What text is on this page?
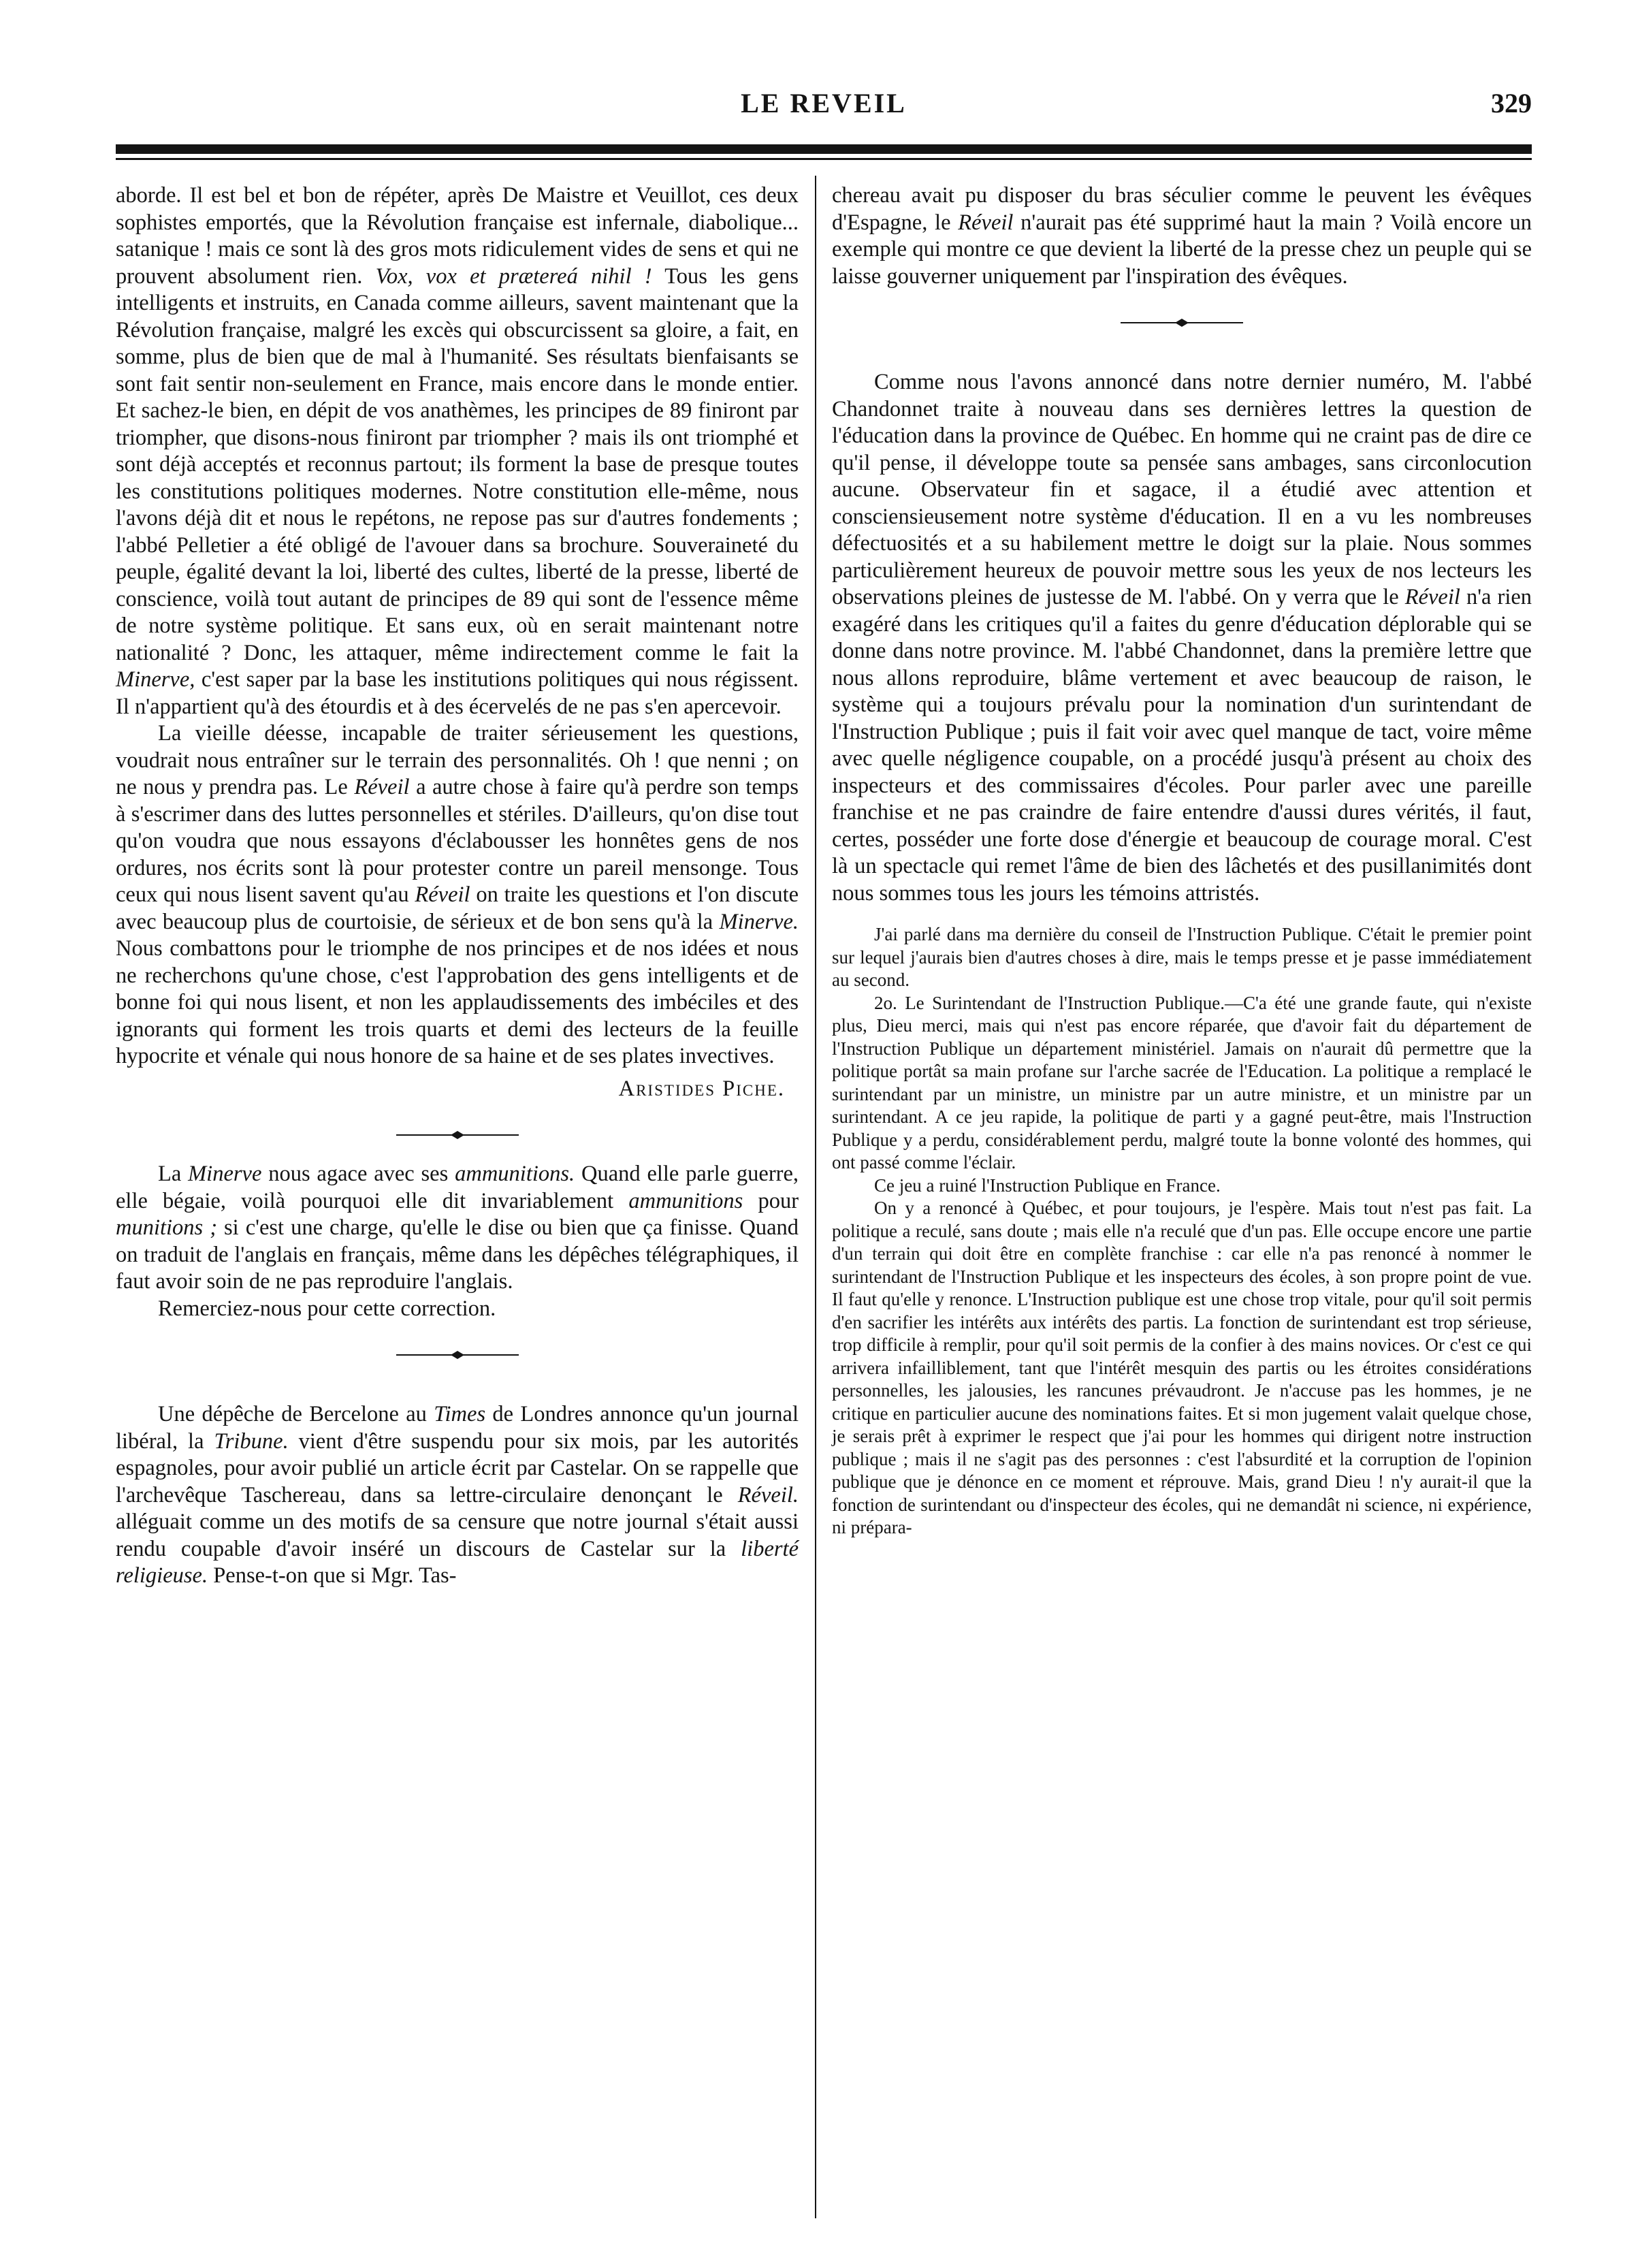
LE REVEIL	329

aborde. Il est bel et bon de répéter, après De Maistre et Veuillot, ces deux sophistes emportés, que la Révolution française est infernale, diabolique... satanique ! mais ce sont là des gros mots ridiculement vides de sens et qui ne prouvent absolument rien. Vox, vox et prætereá nihil ! Tous les gens intelligents et instruits, en Canada comme ailleurs, savent maintenant que la Révolution française, malgré les excès qui obscurcissent sa gloire, a fait, en somme, plus de bien que de mal à l'humanité. Ses résultats bienfaisants se sont fait sentir non-seulement en France, mais encore dans le monde entier. Et sachez-le bien, en dépit de vos anathèmes, les principes de 89 finiront par triompher, que disons-nous finiront par triompher ? mais ils ont triomphé et sont déjà acceptés et reconnus partout; ils forment la base de presque toutes les constitutions politiques modernes. Notre constitution elle-même, nous l'avons déjà dit et nous le repétons, ne repose pas sur d'autres fondements ; l'abbé Pelletier a été obligé de l'avouer dans sa brochure. Souveraineté du peuple, égalité devant la loi, liberté des cultes, liberté de la presse, liberté de conscience, voilà tout autant de principes de 89 qui sont de l'essence même de notre système politique. Et sans eux, où en serait maintenant notre nationalité ? Donc, les attaquer, même indirectement comme le fait la Minerve, c'est saper par la base les institutions politiques qui nous régissent. Il n'appartient qu'à des étourdis et à des écervelés de ne pas s'en apercevoir.

La vieille déesse, incapable de traiter sérieusement les questions, voudrait nous entraîner sur le terrain des personnalités. Oh ! que nenni ; on ne nous y prendra pas. Le Réveil a autre chose à faire qu'à perdre son temps à s'escrimer dans des luttes personnelles et stériles. D'ailleurs, qu'on dise tout qu'on voudra que nous essayons d'éclabousser les honnêtes gens de nos ordures, nos écrits sont là pour protester contre un pareil mensonge. Tous ceux qui nous lisent savent qu'au Réveil on traite les questions et l'on discute avec beaucoup plus de courtoisie, de sérieux et de bon sens qu'à la Minerve. Nous combattons pour le triomphe de nos principes et de nos idées et nous ne recherchons qu'une chose, c'est l'approbation des gens intelligents et de bonne foi qui nous lisent, et non les applaudissements des imbéciles et des ignorants qui forment les trois quarts et demi des lecteurs de la feuille hypocrite et vénale qui nous honore de sa haine et de ses plates invectives.

Aristides Piche.

La Minerve nous agace avec ses ammunitions. Quand elle parle guerre, elle bégaie, voilà pourquoi elle dit invariablement ammunitions pour munitions ; si c'est une charge, qu'elle le dise ou bien que ça finisse. Quand on traduit de l'anglais en français, même dans les dépêches télégraphiques, il faut avoir soin de ne pas reproduire l'anglais.

Remerciez-nous pour cette correction.

Une dépêche de Bercelone au Times de Londres annonce qu'un journal libéral, la Tribune. vient d'être suspendu pour six mois, par les autorités espagnoles, pour avoir publié un article écrit par Castelar. On se rappelle que l'archevêque Taschereau, dans sa lettre-circulaire denonçant le Réveil. alléguait comme un des motifs de sa censure que notre journal s'était aussi rendu coupable d'avoir inséré un discours de Castelar sur la liberté religieuse. Pense-t-on que si Mgr. Tas-

chereau avait pu disposer du bras séculier comme le peuvent les évêques d'Espagne, le Réveil n'aurait pas été supprimé haut la main ? Voilà encore un exemple qui montre ce que devient la liberté de la presse chez un peuple qui se laisse gouverner uniquement par l'inspiration des évêques.

Comme nous l'avons annoncé dans notre dernier numéro, M. l'abbé Chandonnet traite à nouveau dans ses dernières lettres la question de l'éducation dans la province de Québec. En homme qui ne craint pas de dire ce qu'il pense, il développe toute sa pensée sans ambages, sans circonlocution aucune. Observateur fin et sagace, il a étudié avec attention et consciensieusement notre système d'éducation. Il en a vu les nombreuses défectuosités et a su habilement mettre le doigt sur la plaie. Nous sommes particulièrement heureux de pouvoir mettre sous les yeux de nos lecteurs les observations pleines de justesse de M. l'abbé. On y verra que le Réveil n'a rien exagéré dans les critiques qu'il a faites du genre d'éducation déplorable qui se donne dans notre province. M. l'abbé Chandonnet, dans la première lettre que nous allons reproduire, blâme vertement et avec beaucoup de raison, le système qui a toujours prévalu pour la nomination d'un surintendant de l'Instruction Publique ; puis il fait voir avec quel manque de tact, voire même avec quelle négligence coupable, on a procédé jusqu'à présent au choix des inspecteurs et des commissaires d'écoles. Pour parler avec une pareille franchise et ne pas craindre de faire entendre d'aussi dures vérités, il faut, certes, posséder une forte dose d'énergie et beaucoup de courage moral. C'est là un spectacle qui remet l'âme de bien des lâchetés et des pusillanimités dont nous sommes tous les jours les témoins attristés.

J'ai parlé dans ma dernière du conseil de l'Instruction Publique. C'était le premier point sur lequel j'aurais bien d'autres choses à dire, mais le temps presse et je passe immédiatement au second.

2o. Le Surintendant de l'Instruction Publique.—C'a été une grande faute, qui n'existe plus, Dieu merci, mais qui n'est pas encore réparée, que d'avoir fait du département de l'Instruction Publique un département ministériel. Jamais on n'aurait dû permettre que la politique portât sa main profane sur l'arche sacrée de l'Education. La politique a remplacé le surintendant par un ministre, un ministre par un autre ministre, et un ministre par un surintendant. A ce jeu rapide, la politique de parti y a gagné peut-être, mais l'Instruction Publique y a perdu, considérablement perdu, malgré toute la bonne volonté des hommes, qui ont passé comme l'éclair.

Ce jeu a ruiné l'Instruction Publique en France.

On y a renoncé à Québec, et pour toujours, je l'espère. Mais tout n'est pas fait. La politique a reculé, sans doute ; mais elle n'a reculé que d'un pas. Elle occupe encore une partie d'un terrain qui doit être en complète franchise : car elle n'a pas renoncé à nommer le surintendant de l'Instruction Publique et les inspecteurs des écoles, à son propre point de vue. Il faut qu'elle y renonce. L'Instruction publique est une chose trop vitale, pour qu'il soit permis d'en sacrifier les intérêts aux intérêts des partis. La fonction de surintendant est trop sérieuse, trop difficile à remplir, pour qu'il soit permis de la confier à des mains novices. Or c'est ce qui arrivera infailliblement, tant que l'intérêt mesquin des partis ou les étroites considérations personnelles, les jalousies, les rancunes prévaudront. Je n'accuse pas les hommes, je ne critique en particulier aucune des nominations faites. Et si mon jugement valait quelque chose, je serais prêt à exprimer le respect que j'ai pour les hommes qui dirigent notre instruction publique ; mais il ne s'agit pas des personnes : c'est l'absurdité et la corruption de l'opinion publique que je dénonce en ce moment et réprouve. Mais, grand Dieu ! n'y aurait-il que la fonction de surintendant ou d'inspecteur des écoles, qui ne demandât ni science, ni expérience, ni prépara-
